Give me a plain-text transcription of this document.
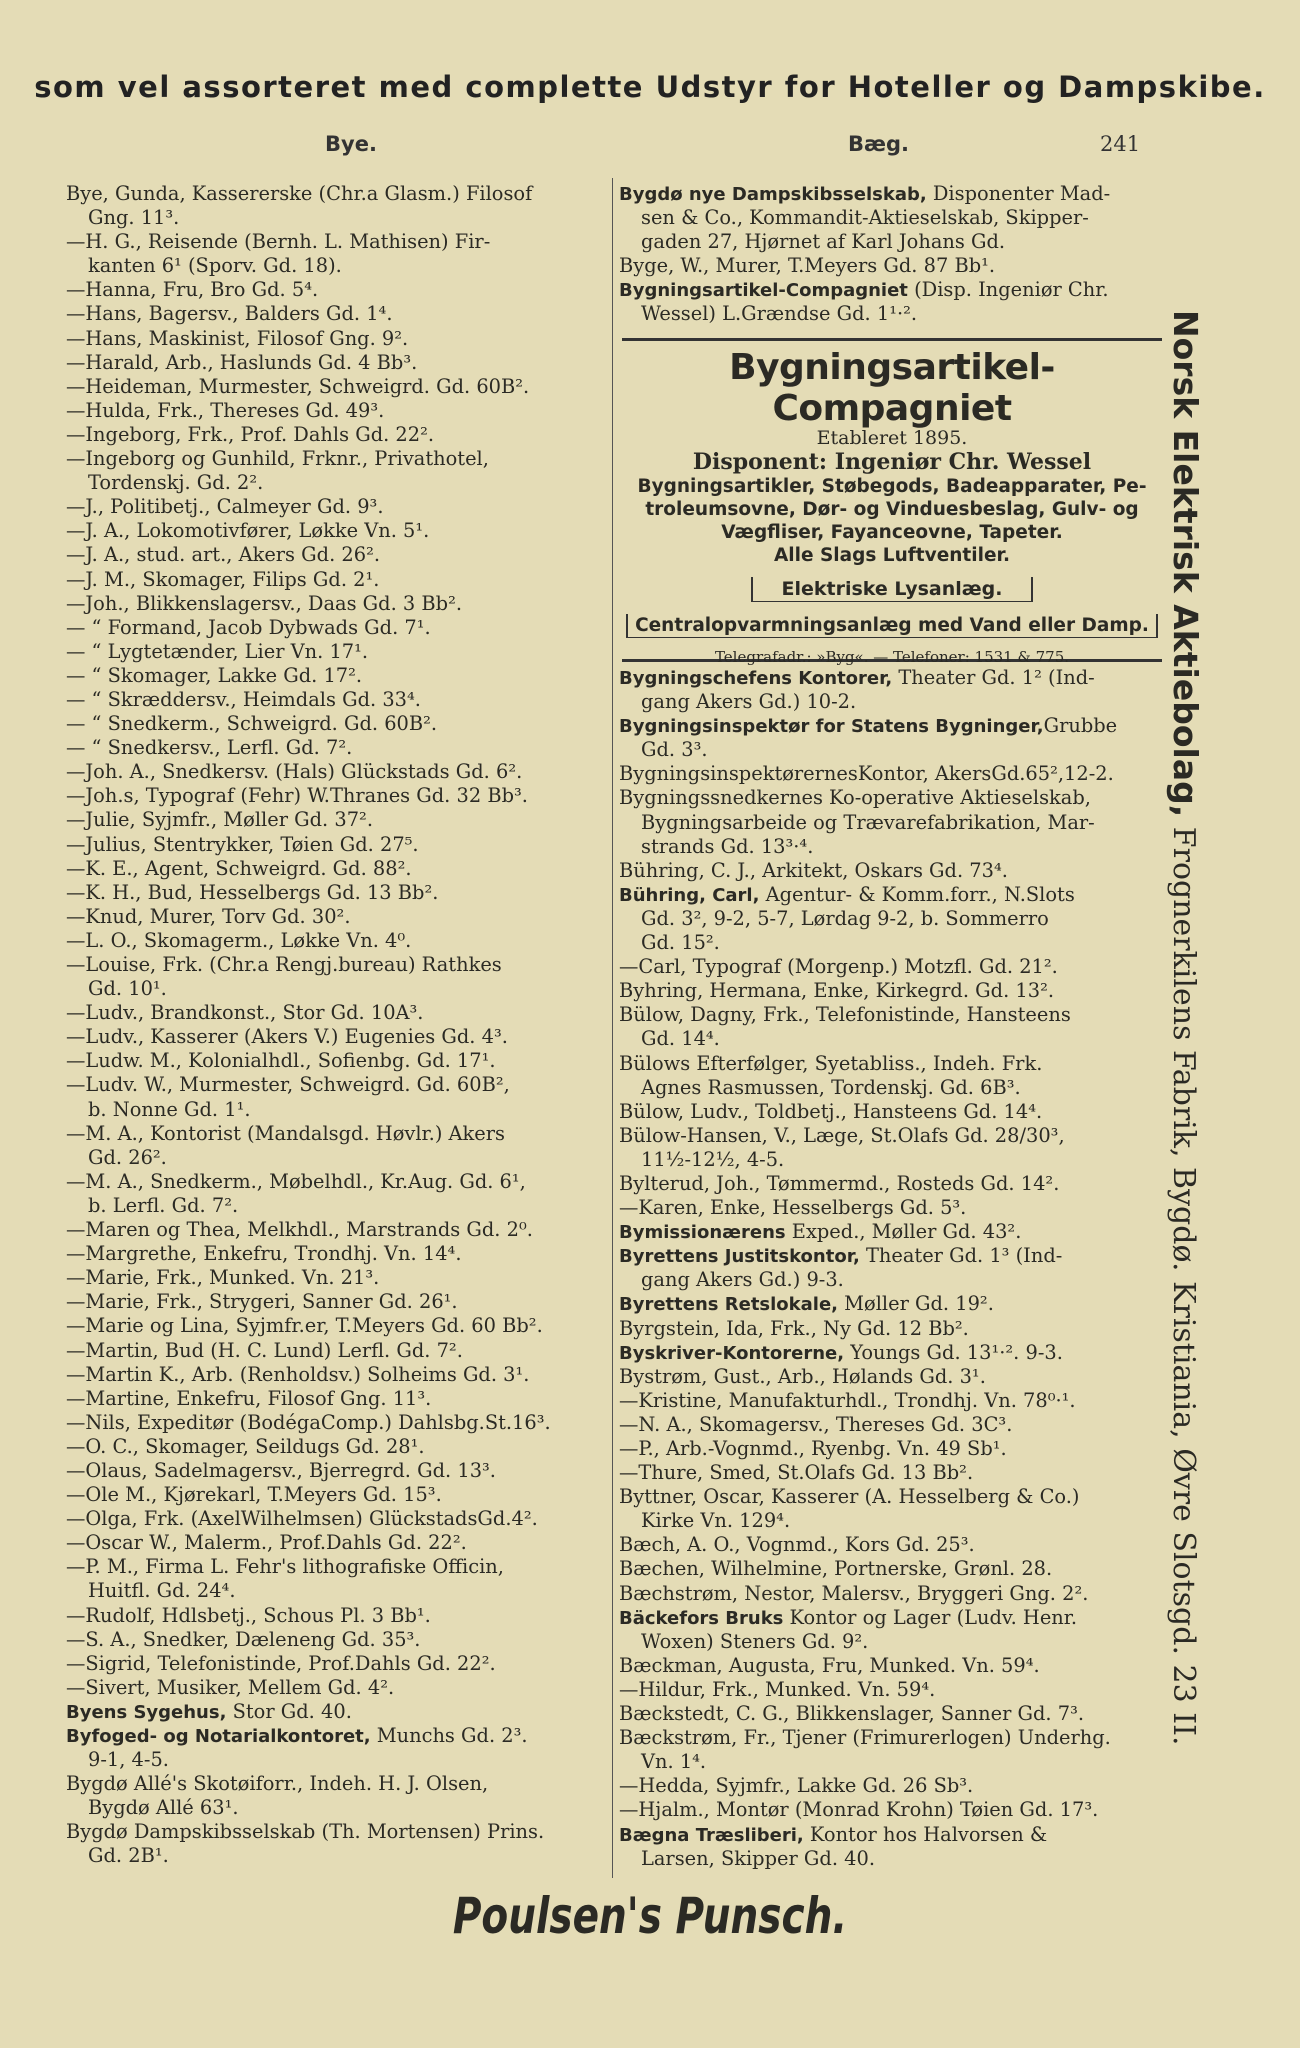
som vel assorteret med complette Udstyr for Hoteller og Dampskibe.
Bye.	Bæg.	241
Bye, Gunda, Kassererske (Chr.a Glasm.) Filosof
Gng. 11³.
—H. G., Reisende (Bernh. L. Mathisen) Fir-
kanten 6¹ (Sporv. Gd. 18).
—Hanna, Fru, Bro Gd. 5⁴.
—Hans, Bagersv., Balders Gd. 1⁴.
—Hans, Maskinist, Filosof Gng. 9².
—Harald, Arb., Haslunds Gd. 4 Bb³.
—Heideman, Murmester, Schweigrd. Gd. 60B².
—Hulda, Frk., Thereses Gd. 49³.
—Ingeborg, Frk., Prof. Dahls Gd. 22².
—Ingeborg og Gunhild, Frknr., Privathotel,
Tordenskj. Gd. 2².
—J., Politibetj., Calmeyer Gd. 9³.
—J. A., Lokomotivfører, Løkke Vn. 5¹.
—J. A., stud. art., Akers Gd. 26².
—J. M., Skomager, Filips Gd. 2¹.
—Joh., Blikkenslagersv., Daas Gd. 3 Bb².
— “ Formand, Jacob Dybwads Gd. 7¹.
— “ Lygtetænder, Lier Vn. 17¹.
— “ Skomager, Lakke Gd. 17².
— “ Skræddersv., Heimdals Gd. 33⁴.
— “ Snedkerm., Schweigrd. Gd. 60B².
— “ Snedkersv., Lerfl. Gd. 7².
—Joh. A., Snedkersv. (Hals) Glückstads Gd. 6².
—Joh.s, Typograf (Fehr) W.Thranes Gd. 32 Bb³.
—Julie, Syjmfr., Møller Gd. 37².
—Julius, Stentrykker, Tøien Gd. 27⁵.
—K. E., Agent, Schweigrd. Gd. 88².
—K. H., Bud, Hesselbergs Gd. 13 Bb².
—Knud, Murer, Torv Gd. 30².
—L. O., Skomagerm., Løkke Vn. 4⁰.
—Louise, Frk. (Chr.a Rengj.bureau) Rathkes
Gd. 10¹.
—Ludv., Brandkonst., Stor Gd. 10A³.
—Ludv., Kasserer (Akers V.) Eugenies Gd. 4³.
—Ludw. M., Kolonialhdl., Sofienbg. Gd. 17¹.
—Ludv. W., Murmester, Schweigrd. Gd. 60B²,
b. Nonne Gd. 1¹.
—M. A., Kontorist (Mandalsgd. Høvlr.) Akers
Gd. 26².
—M. A., Snedkerm., Møbelhdl., Kr.Aug. Gd. 6¹,
b. Lerfl. Gd. 7².
—Maren og Thea, Melkhdl., Marstrands Gd. 2⁰.
—Margrethe, Enkefru, Trondhj. Vn. 14⁴.
—Marie, Frk., Munked. Vn. 21³.
—Marie, Frk., Strygeri, Sanner Gd. 26¹.
—Marie og Lina, Syjmfr.er, T.Meyers Gd. 60 Bb².
—Martin, Bud (H. C. Lund) Lerfl. Gd. 7².
—Martin K., Arb. (Renholdsv.) Solheims Gd. 3¹.
—Martine, Enkefru, Filosof Gng. 11³.
—Nils, Expeditør (BodégaComp.) Dahlsbg.St.16³.
—O. C., Skomager, Seildugs Gd. 28¹.
—Olaus, Sadelmagersv., Bjerregrd. Gd. 13³.
—Ole M., Kjørekarl, T.Meyers Gd. 15³.
—Olga, Frk. (AxelWilhelmsen) GlückstadsGd.4².
—Oscar W., Malerm., Prof.Dahls Gd. 22².
—P. M., Firma L. Fehr's lithografiske Officin,
Huitfl. Gd. 24⁴.
—Rudolf, Hdlsbetj., Schous Pl. 3 Bb¹.
—S. A., Snedker, Dæleneng Gd. 35³.
—Sigrid, Telefonistinde, Prof.Dahls Gd. 22².
—Sivert, Musiker, Mellem Gd. 4².
Byens Sygehus, Stor Gd. 40.
Byfoged- og Notarialkontoret, Munchs Gd. 2³.
9-1, 4-5.
Bygdø Allé's Skotøiforr., Indeh. H. J. Olsen,
Bygdø Allé 63¹.
Bygdø Dampskibsselskab (Th. Mortensen) Prins.
Gd. 2B¹.
Bygdø nye Dampskibsselskab, Disponenter Mad-
sen & Co., Kommandit-Aktieselskab, Skipper-
gaden 27, Hjørnet af Karl Johans Gd.
Byge, W., Murer, T.Meyers Gd. 87 Bb¹.
Bygningsartikel-Compagniet (Disp. Ingeniør Chr.
Wessel) L.Grændse Gd. 1¹·².
Bygningsartikel-Compagniet
Etableret 1895.
Disponent: Ingeniør Chr. Wessel
Bygningsartikler, Støbegods, Badeapparater, Pe-
troleumsovne, Dør- og Vinduesbeslag, Gulv- og
Vægfliser, Fayanceovne, Tapeter.
Alle Slags Luftventiler.
Elektriske Lysanlæg.
Centralopvarmningsanlæg med Vand eller Damp.
Telegrafadr.: »Byg«. — Telefoner: 1531 & 775.
Bygningschefens Kontorer, Theater Gd. 1² (Ind-
gang Akers Gd.) 10-2.
Bygningsinspektør for Statens Bygninger,Grubbe
Gd. 3³.
BygningsinspektørernesKontor, AkersGd.65²,12-2.
Bygningssnedkernes Ko-operative Aktieselskab,
Bygningsarbeide og Trævarefabrikation, Mar-
strands Gd. 13³·⁴.
Bühring, C. J., Arkitekt, Oskars Gd. 73⁴.
Bühring, Carl, Agentur- & Komm.forr., N.Slots
Gd. 3², 9-2, 5-7, Lørdag 9-2, b. Sommerro
Gd. 15².
—Carl, Typograf (Morgenp.) Motzfl. Gd. 21².
Byhring, Hermana, Enke, Kirkegrd. Gd. 13².
Bülow, Dagny, Frk., Telefonistinde, Hansteens
Gd. 14⁴.
Bülows Efterfølger, Syetabliss., Indeh. Frk.
Agnes Rasmussen, Tordenskj. Gd. 6B³.
Bülow, Ludv., Toldbetj., Hansteens Gd. 14⁴.
Bülow-Hansen, V., Læge, St.Olafs Gd. 28/30³,
11½-12½, 4-5.
Bylterud, Joh., Tømmermd., Rosteds Gd. 14².
—Karen, Enke, Hesselbergs Gd. 5³.
Bymissionærens Exped., Møller Gd. 43².
Byrettens Justitskontor, Theater Gd. 1³ (Ind-
gang Akers Gd.) 9-3.
Byrettens Retslokale, Møller Gd. 19².
Byrgstein, Ida, Frk., Ny Gd. 12 Bb².
Byskriver-Kontorerne, Youngs Gd. 13¹·². 9-3.
Bystrøm, Gust., Arb., Hølands Gd. 3¹.
—Kristine, Manufakturhdl., Trondhj. Vn. 78⁰·¹.
—N. A., Skomagersv., Thereses Gd. 3C³.
—P., Arb.-Vognmd., Ryenbg. Vn. 49 Sb¹.
—Thure, Smed, St.Olafs Gd. 13 Bb².
Byttner, Oscar, Kasserer (A. Hesselberg & Co.)
Kirke Vn. 129⁴.
Bæch, A. O., Vognmd., Kors Gd. 25³.
Bæchen, Wilhelmine, Portnerske, Grønl. 28.
Bæchstrøm, Nestor, Malersv., Bryggeri Gng. 2².
Bäckefors Bruks Kontor og Lager (Ludv. Henr.
Woxen) Steners Gd. 9².
Bæckman, Augusta, Fru, Munked. Vn. 59⁴.
—Hildur, Frk., Munked. Vn. 59⁴.
Bæckstedt, C. G., Blikkenslager, Sanner Gd. 7³.
Bæckstrøm, Fr., Tjener (Frimurerlogen) Underhg.
Vn. 1⁴.
—Hedda, Syjmfr., Lakke Gd. 26 Sb³.
—Hjalm., Montør (Monrad Krohn) Tøien Gd. 17³.
Bægna Træsliberi, Kontor hos Halvorsen &
Larsen, Skipper Gd. 40.
Norsk Elektrisk Aktiebolag, Frognerkilens Fabrik, Bygdø. Kristiania, Øvre Slotsgd. 23 II.
Poulsen's Punsch.
